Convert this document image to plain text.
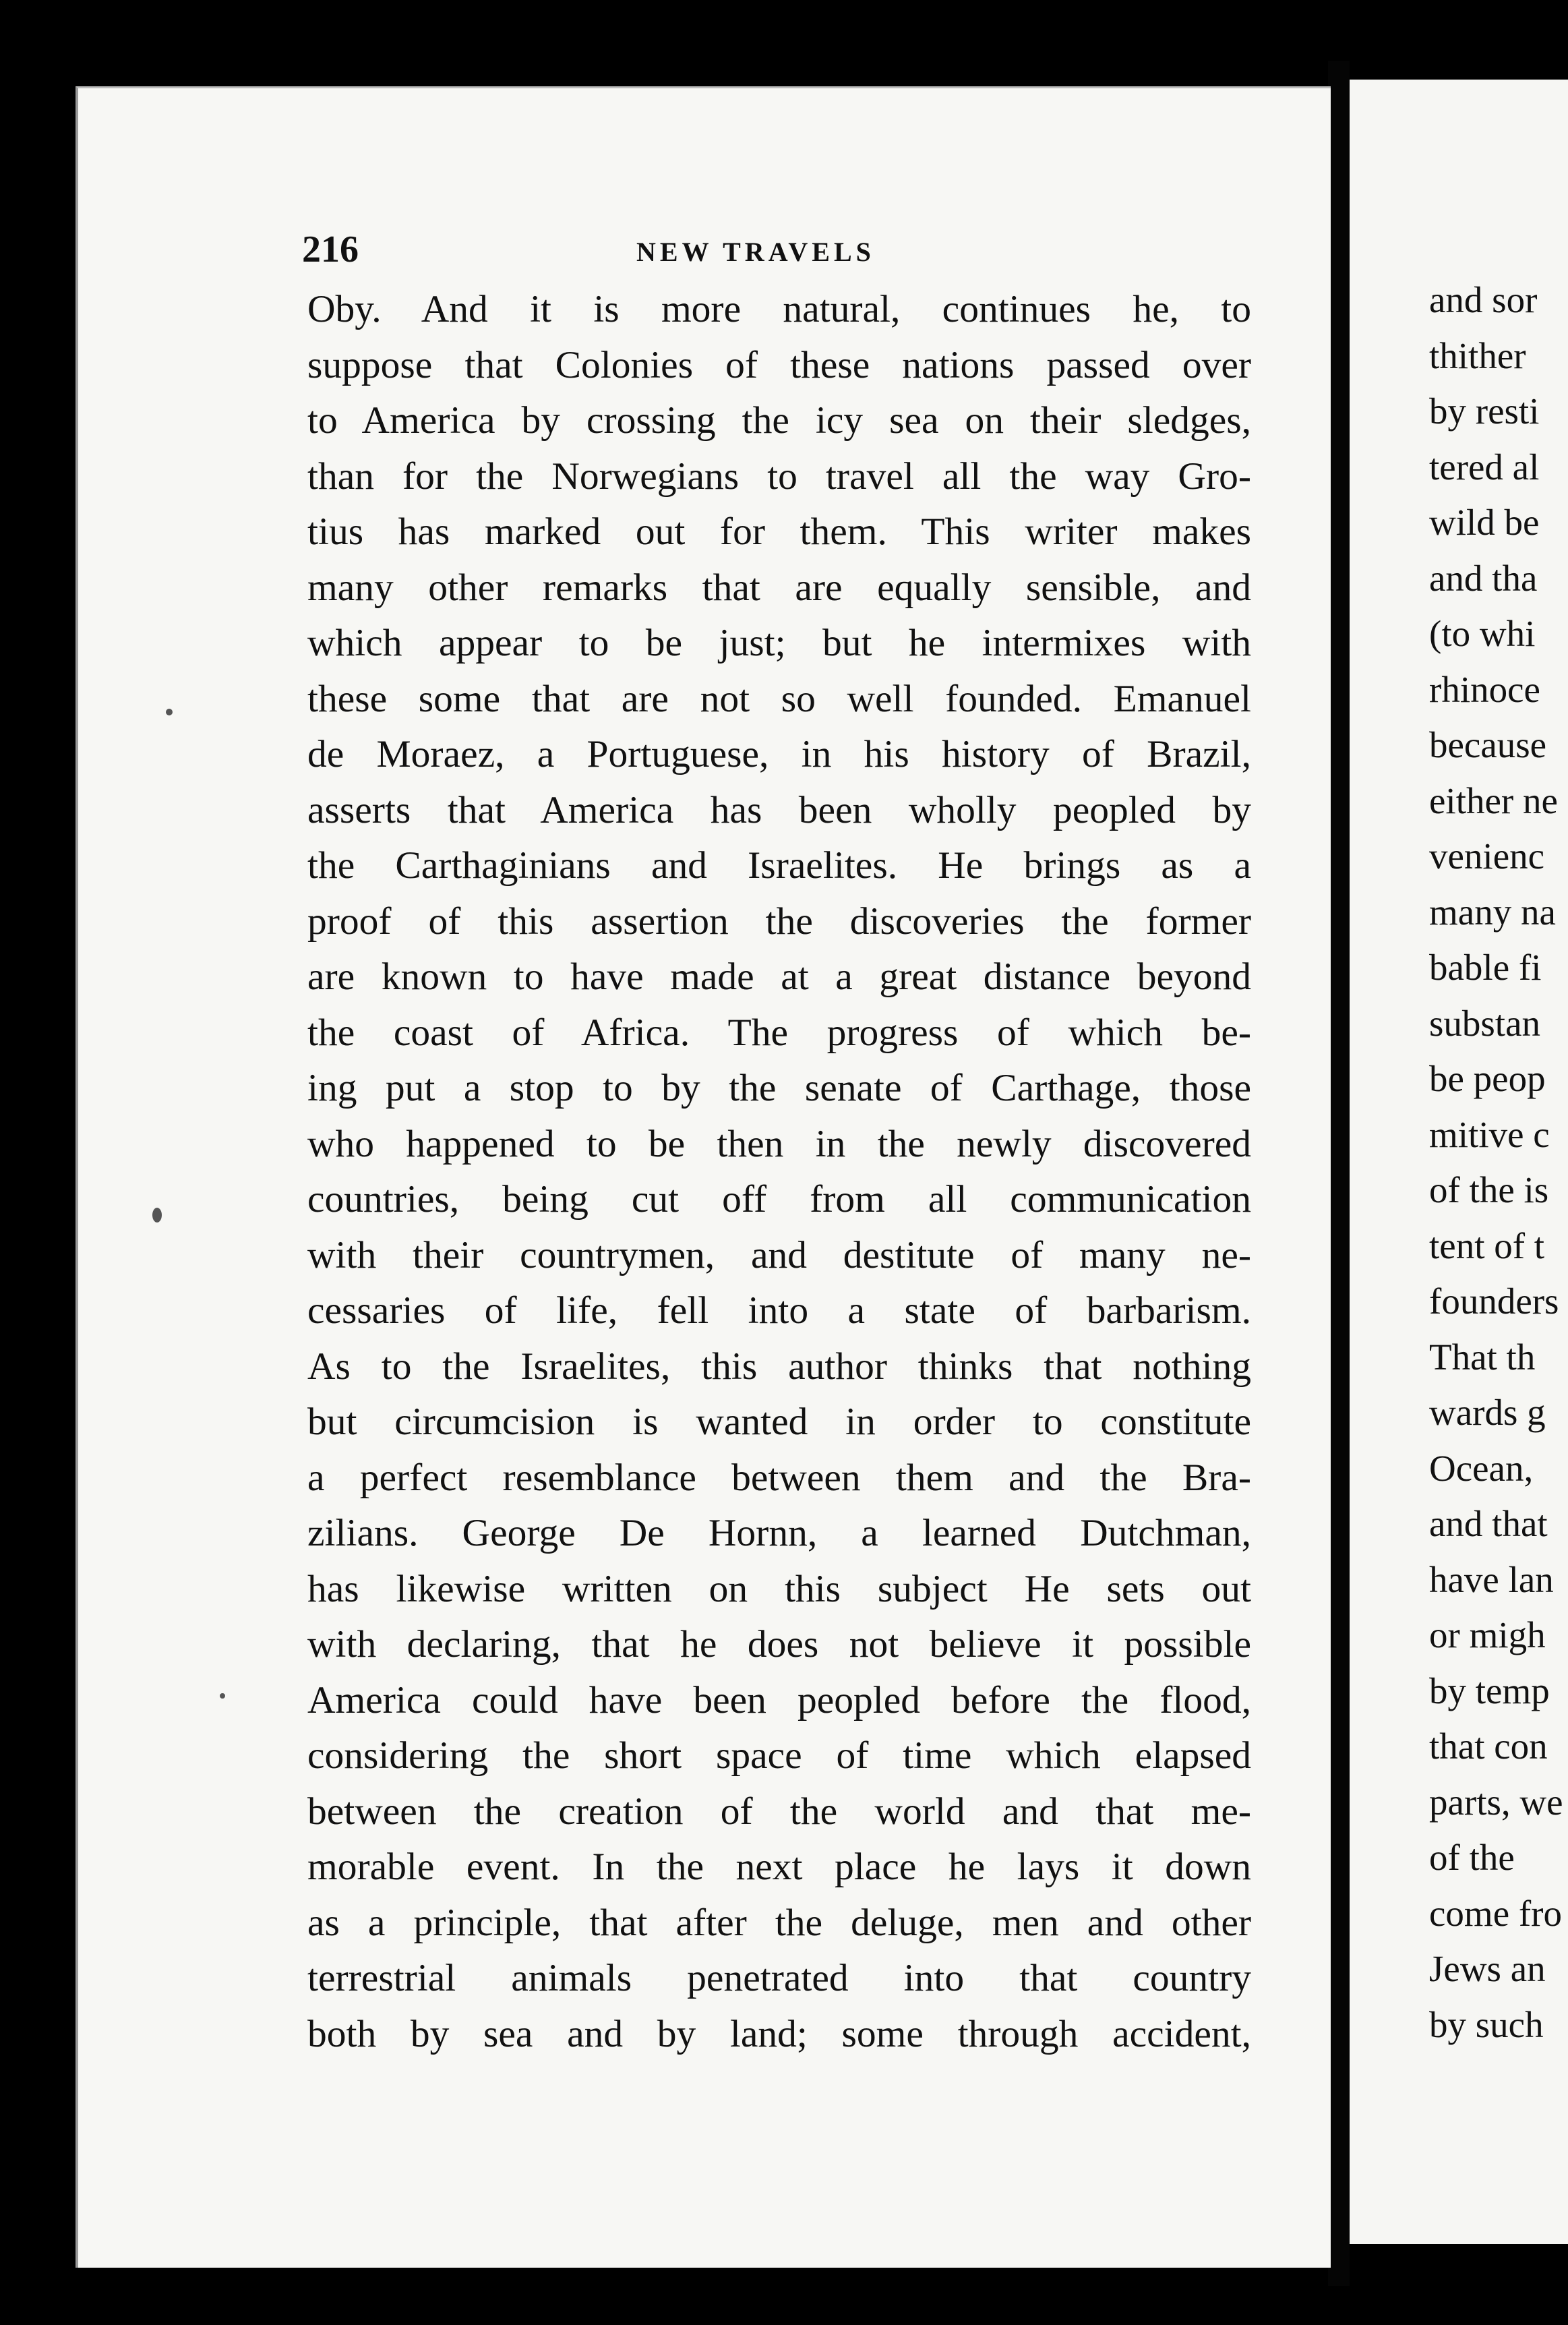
216	NEW TRAVELS
Oby. And it is more natural, continues he, to
suppose that Colonies of these nations passed over
to America by crossing the icy sea on their sledges,
than for the Norwegians to travel all the way Gro-
tius has marked out for them. This writer makes
many other remarks that are equally sensible, and
which appear to be just; but he intermixes with
these some that are not so well founded. Emanuel
de Moraez, a Portuguese, in his history of Brazil,
asserts that America has been wholly peopled by
the Carthaginians and Israelites. He brings as a
proof of this assertion the discoveries the former
are known to have made at a great distance beyond
the coast of Africa. The progress of which be-
ing put a stop to by the senate of Carthage, those
who happened to be then in the newly discovered
countries, being cut off from all communication
with their countrymen, and destitute of many ne-
cessaries of life, fell into a state of barbarism.
As to the Israelites, this author thinks that nothing
but circumcision is wanted in order to constitute
a perfect resemblance between them and the Bra-
zilians. George De Hornn, a learned Dutchman,
has likewise written on this subject He sets out
with declaring, that he does not believe it possible
America could have been peopled before the flood,
considering the short space of time which elapsed
between the creation of the world and that me-
morable event. In the next place he lays it down
as a principle, that after the deluge, men and other
terrestrial animals penetrated into that country
both by sea and by land; some through accident,
and sor
thither
by resti
tered al
wild be
and tha
(to whi
rhinoce
because
either ne
venienc
many na
bable fi
substan
be peop
mitive c
of the is
tent of t
founders
That th
wards g
Ocean,
and that
have lan
or migh
by temp
that con
parts, we
of the
come fro
Jews an
by such
